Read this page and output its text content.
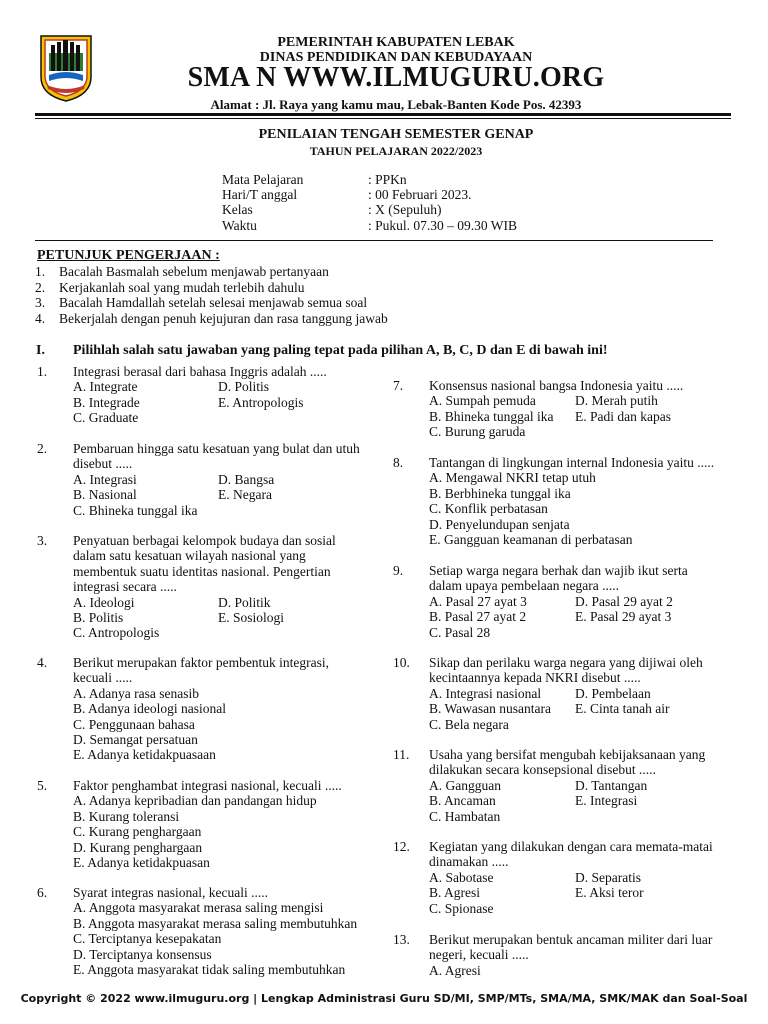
PEMERINTAH KABUPATEN LEBAK
DINAS PENDIDIKAN DAN KEBUDAYAAN
SMA N WWW.ILMUGURU.ORG
Alamat : Jl. Raya yang kamu mau, Lebak-Banten Kode Pos. 42393
PENILAIAN TENGAH SEMESTER GENAP
TAHUN PELAJARAN 2022/2023
Mata Pelajaran	: PPKn
Hari/T anggal	: 00 Februari 2023.
Kelas	: X (Sepuluh)
Waktu	: Pukul. 07.30 – 09.30 WIB
PETUNJUK PENGERJAAN :
1. Bacalah Basmalah sebelum menjawab pertanyaan
2. Kerjakanlah soal yang mudah terlebih dahulu
3. Bacalah Hamdallah setelah selesai menjawab semua soal
4. Bekerjalah dengan penuh kejujuran dan rasa tanggung jawab
I. Pilihlah salah satu jawaban yang paling tepat pada pilihan A, B, C, D dan E di bawah ini!
1. Integrasi berasal dari bahasa Inggris adalah .....
A. Integrate	D. Politis
B. Integrade	E. Antropologis
C. Graduate
2. Pembaruan hingga satu kesatuan yang bulat dan utuh
disebut .....
A. Integrasi	D. Bangsa
B. Nasional	E. Negara
C. Bhineka tunggal ika
3. Penyatuan berbagai kelompok budaya dan sosial
dalam satu kesatuan wilayah nasional yang
membentuk suatu identitas nasional. Pengertian
integrasi secara .....
A. Ideologi	D. Politik
B. Politis	E. Sosiologi
C. Antropologis
4. Berikut merupakan faktor pembentuk integrasi,
kecuali .....
A. Adanya rasa senasib
B. Adanya ideologi nasional
C. Penggunaan bahasa
D. Semangat persatuan
E. Adanya ketidakpuasaan
5. Faktor penghambat integrasi nasional, kecuali .....
A. Adanya kepribadian dan pandangan hidup
B. Kurang toleransi
C. Kurang penghargaan
D. Kurang penghargaan
E. Adanya ketidakpuasan
6. Syarat integras nasional, kecuali .....
A. Anggota masyarakat merasa saling mengisi
B. Anggota masyarakat merasa saling membutuhkan
C. Terciptanya kesepakatan
D. Terciptanya konsensus
E. Anggota masyarakat tidak saling membutuhkan
7. Konsensus nasional bangsa Indonesia yaitu .....
A. Sumpah pemuda	D. Merah putih
B. Bhineka tunggal ika E. Padi dan kapas
C. Burung garuda
8. Tantangan di lingkungan internal Indonesia yaitu .....
A. Mengawal NKRI tetap utuh
B. Berbhineka tunggal ika
C. Konflik perbatasan
D. Penyelundupan senjata
E. Gangguan keamanan di perbatasan
9. Setiap warga negara berhak dan wajib ikut serta
dalam upaya pembelaan negara .....
A. Pasal 27 ayat 3	D. Pasal 29 ayat 2
B. Pasal 27 ayat 2	E. Pasal 29 ayat 3
C. Pasal 28
10. Sikap dan perilaku warga negara yang dijiwai oleh
kecintaannya kepada NKRI disebut .....
A. Integrasi nasional	D. Pembelaan
B. Wawasan nusantara E. Cinta tanah air
C. Bela negara
11. Usaha yang bersifat mengubah kebijaksanaan yang
dilakukan secara konsepsional disebut .....
A. Gangguan	D. Tantangan
B. Ancaman	E. Integrasi
C. Hambatan
12. Kegiatan yang dilakukan dengan cara memata-matai
dinamakan .....
A. Sabotase	D. Separatis
B. Agresi	E. Aksi teror
C. Spionase
13. Berikut merupakan bentuk ancaman militer dari luar
negeri, kecuali .....
A. Agresi
Copyright © 2022 www.ilmuguru.org | Lengkap Administrasi Guru SD/MI, SMP/MTs, SMA/MA, SMK/MAK dan Soal-Soal
